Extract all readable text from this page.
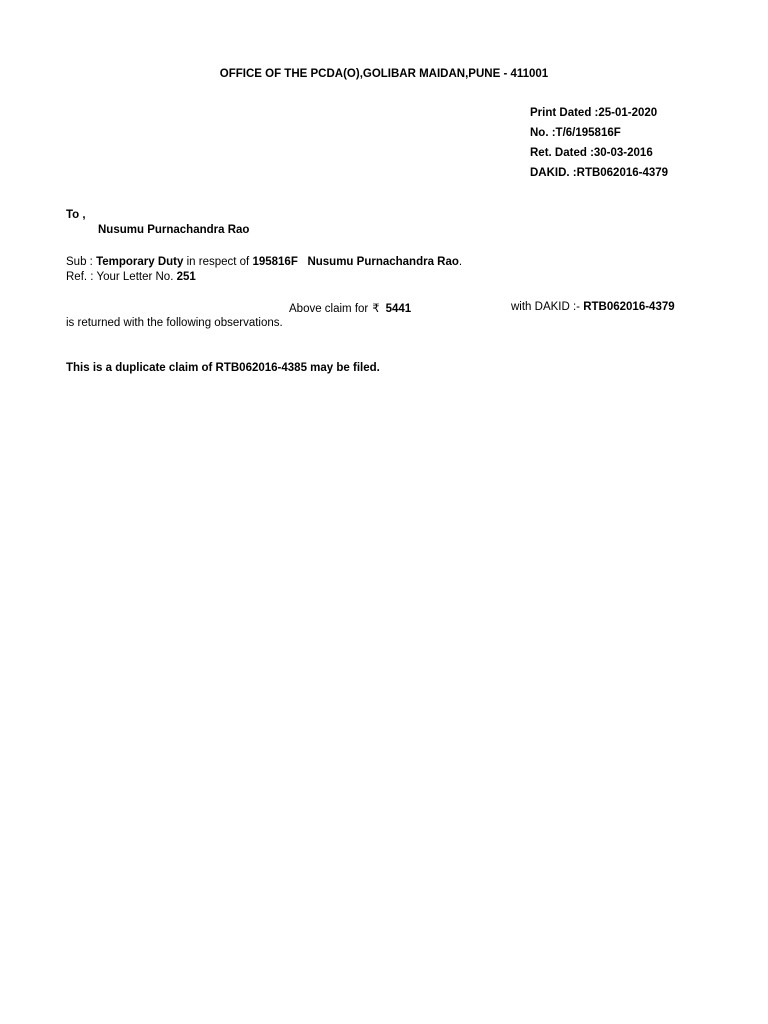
OFFICE OF THE PCDA(O),GOLIBAR MAIDAN,PUNE - 411001
Print Dated :25-01-2020
No. :T/6/195816F
Ret. Dated :30-03-2016
DAKID. :RTB062016-4379
To ,
Nusumu Purnachandra Rao
Sub : Temporary Duty in respect of 195816F Nusumu Purnachandra Rao.
Ref. : Your Letter No. 251
Above claim for ₹ 5441	with DAKID :- RTB062016-4379
is returned with the following observations.
This is a duplicate claim of RTB062016-4385 may be filed.
